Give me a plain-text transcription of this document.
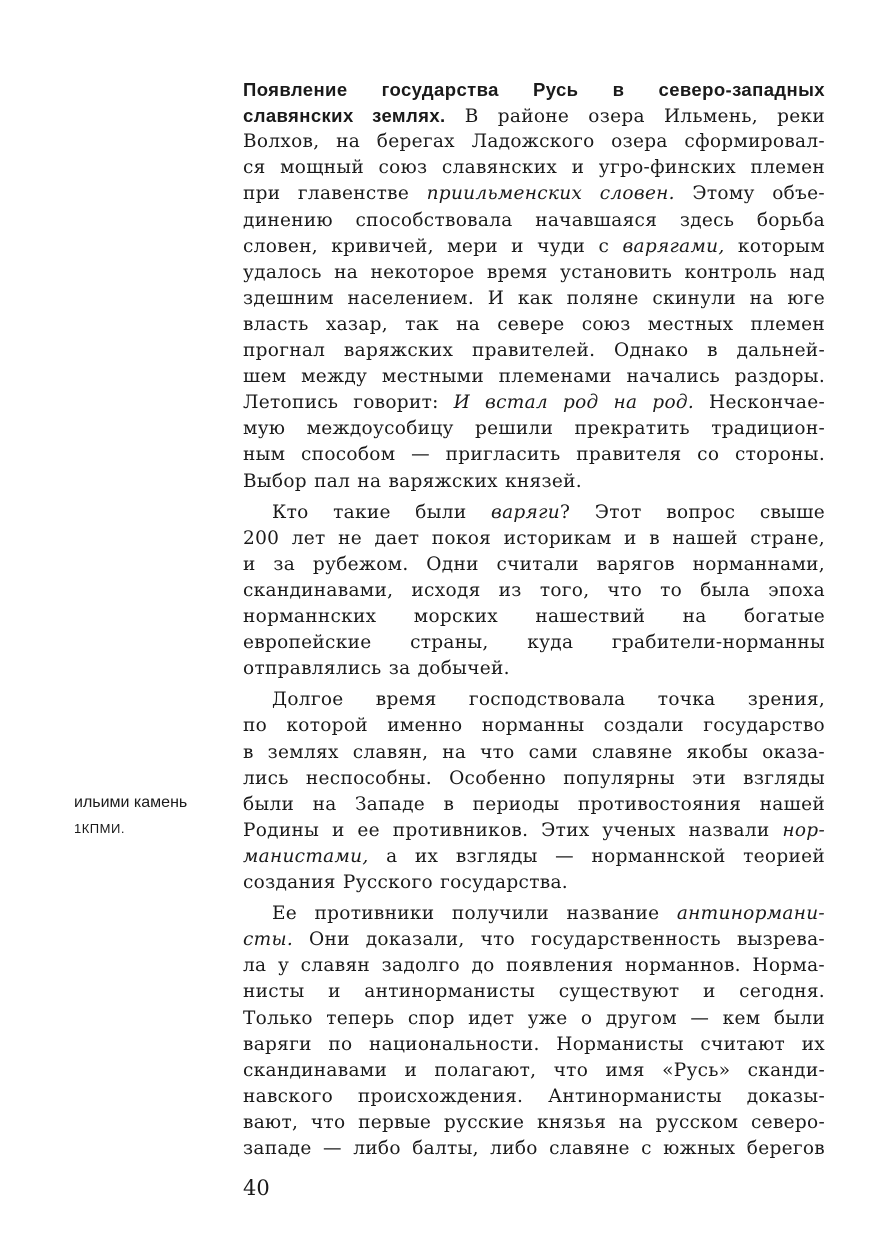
ильими камень
1КПМИ.
Появление государства Русь в северо-западных
славянских землях. В районе озера Ильмень, реки
Волхов, на берегах Ладожского озера сформировал-
ся мощный союз славянских и угро-финских племен
при главенстве приильменских словен. Этому объе-
динению способствовала начавшаяся здесь борьба
словен, кривичей, мери и чуди с варягами, которым
удалось на некоторое время установить контроль над
здешним населением. И как поляне скинули на юге
власть хазар, так на севере союз местных племен
прогнал варяжских правителей. Однако в дальней-
шем между местными племенами начались раздоры.
Летопись говорит: И встал род на род. Нескончае-
мую междоусобицу решили прекратить традицион-
ным способом — пригласить правителя со стороны.
Выбор пал на варяжских князей.
Кто такие были варяги? Этот вопрос свыше
200 лет не дает покоя историкам и в нашей стране,
и за рубежом. Одни считали варягов норманнами,
скандинавами, исходя из того, что то была эпоха
норманнских морских нашествий на богатые
европейские страны, куда грабители-норманны
отправлялись за добычей.
Долгое время господствовала точка зрения,
по которой именно норманны создали государство
в землях славян, на что сами славяне якобы оказа-
лись неспособны. Особенно популярны эти взгляды
были на Западе в периоды противостояния нашей
Родины и ее противников. Этих ученых назвали нор-
манистами, а их взгляды — норманнской теорией
создания Русского государства.
Ее противники получили название антинормани-
сты. Они доказали, что государственность вызрева-
ла у славян задолго до появления норманнов. Норма-
нисты и антинорманисты существуют и сегодня.
Только теперь спор идет уже о другом — кем были
варяги по национальности. Норманисты считают их
скандинавами и полагают, что имя «Русь» сканди-
навского происхождения. Антинорманисты доказы-
вают, что первые русские князья на русском северо-
западе — либо балты, либо славяне с южных берегов
40
